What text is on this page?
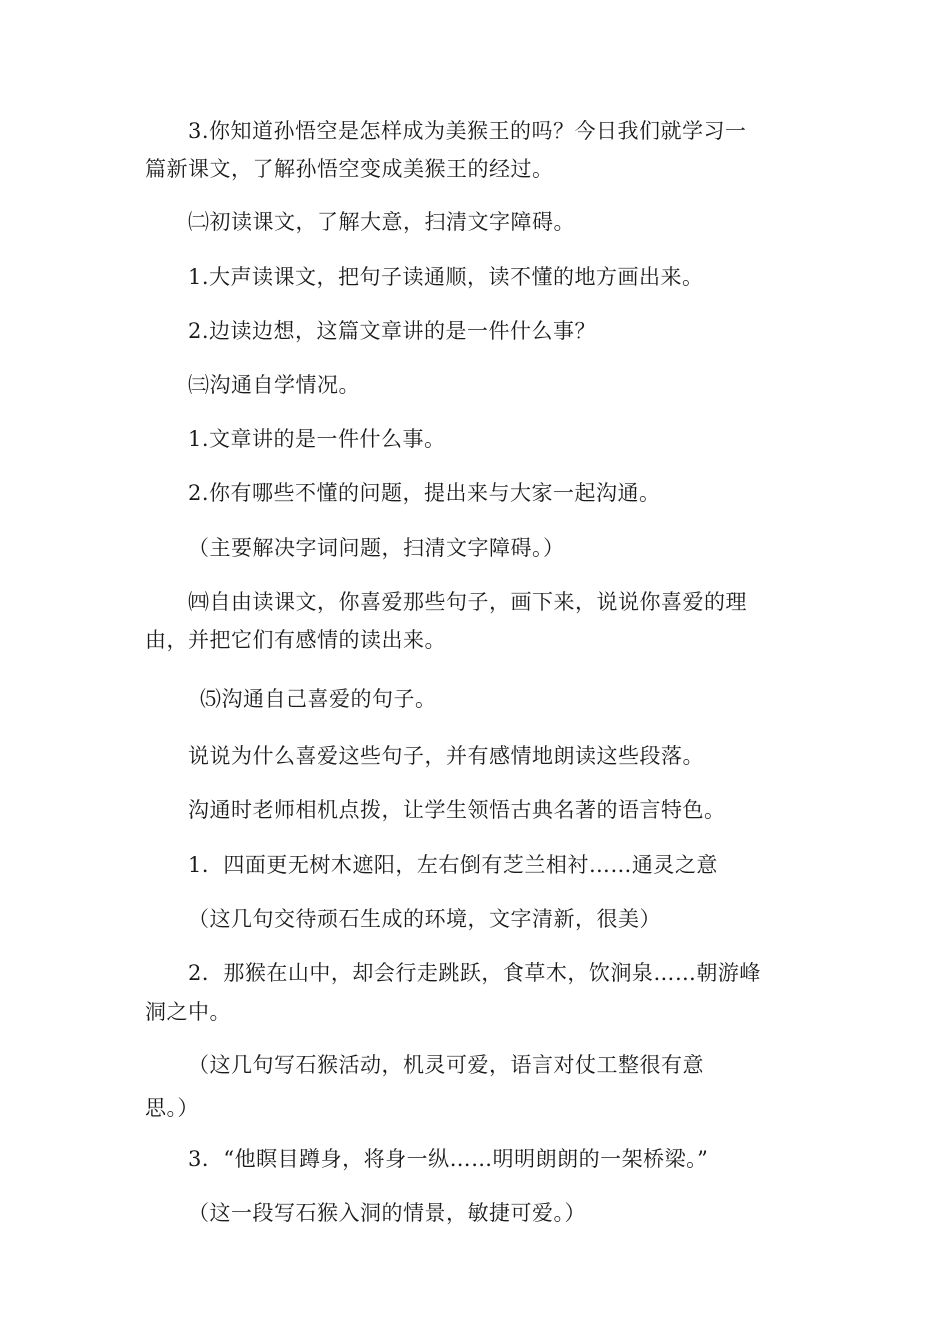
3.你知道孙悟空是怎样成为美猴王的吗？今日我们就学习一
篇新课文，了解孙悟空变成美猴王的经过。
㈡初读课文，了解大意，扫清文字障碍。
1.大声读课文，把句子读通顺，读不懂的地方画出来。
2.边读边想，这篇文章讲的是一件什么事？
㈢沟通自学情况。
1.文章讲的是一件什么事。
2.你有哪些不懂的问题，提出来与大家一起沟通。
（主要解决字词问题，扫清文字障碍。）
㈣自由读课文，你喜爱那些句子，画下来，说说你喜爱的理
由，并把它们有感情的读出来。
⑸沟通自己喜爱的句子。
说说为什么喜爱这些句子，并有感情地朗读这些段落。
沟通时老师相机点拨，让学生领悟古典名著的语言特色。
1．四面更无树木遮阳，左右倒有芝兰相衬……通灵之意
（这几句交待顽石生成的环境，文字清新，很美）
2．那猴在山中，却会行走跳跃，食草木，饮涧泉……朝游峰
洞之中。
（这几句写石猴活动，机灵可爱，语言对仗工整很有意
思。）
3．“他瞑目蹲身，将身一纵……明明朗朗的一架桥梁。”
（这一段写石猴入洞的情景，敏捷可爱。）
